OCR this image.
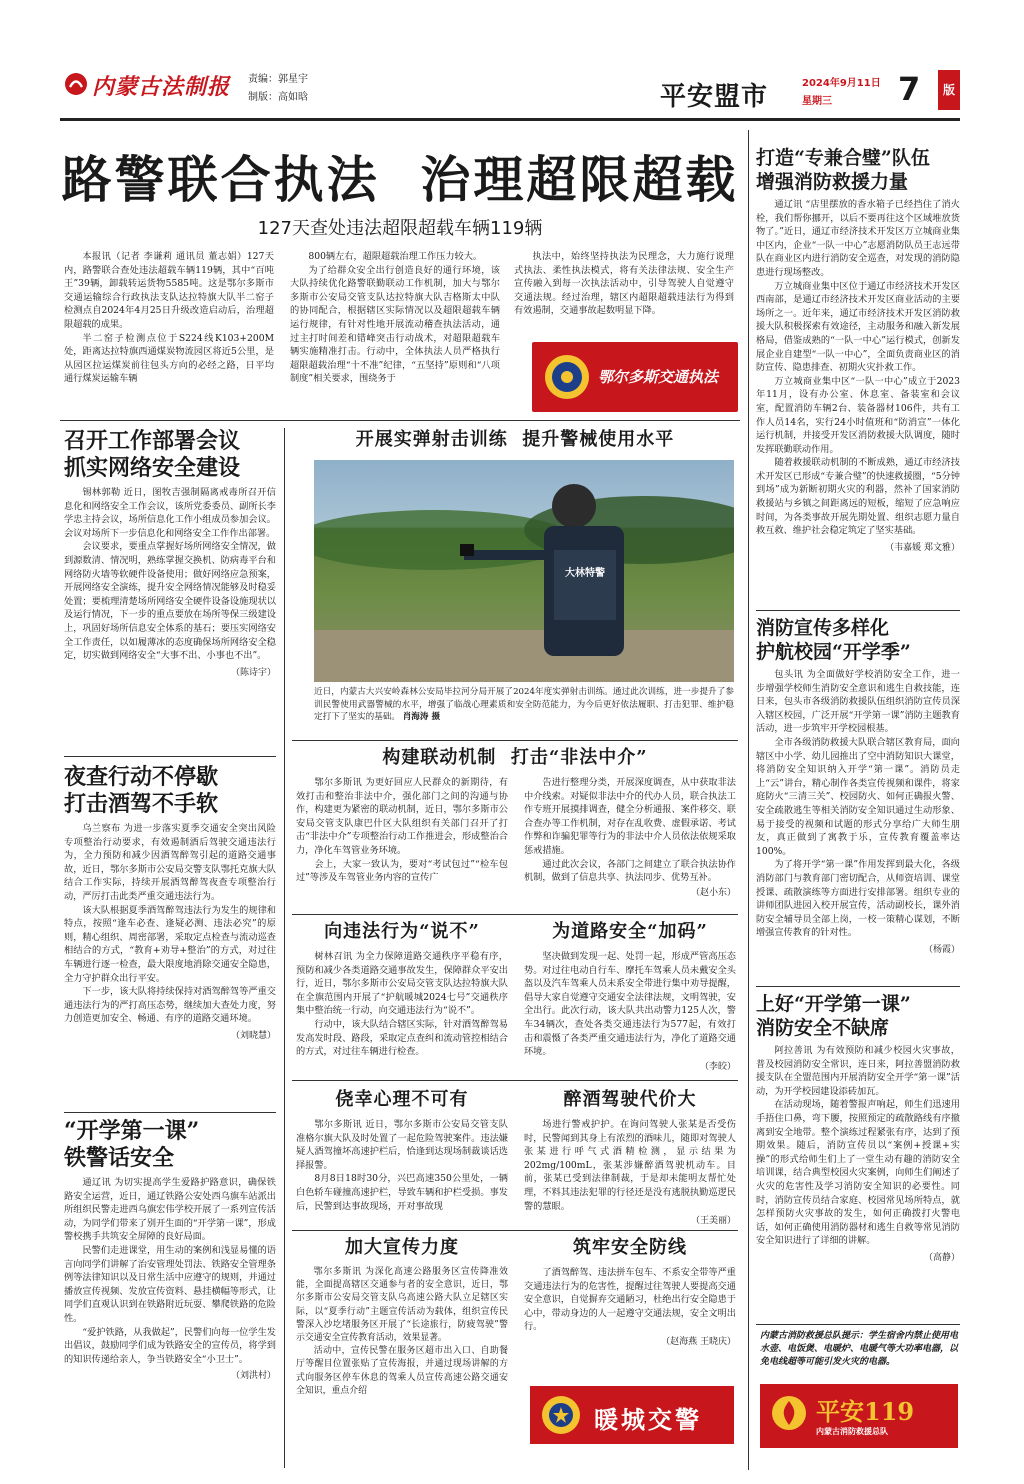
内蒙古法制报 责编：郭星宇
制版：高如晗	平安盟市	2024年9月11日
星期三 7	版
路警联合执法  治理超限超载
127天查处违法超限超载车辆119辆

本报讯（记者 李谦莉 通讯员 董志娟）127天内，路警联合查处违法超载车辆119辆，其中“百吨王”39辆，卸载转运货物5585吨。这是鄂尔多斯市交通运输综合行政执法支队达拉特旗大队半二窑子检测点自2024年4月25日升级改造启动后，治理超限超载的成果。

半二窑子检测点位于S224线K103+200M处，距离达拉特旗西通煤炭物流园区将近5公里，是从园区拉运煤炭前往包头方向的必经之路，日平均通行煤炭运输车辆

800辆左右，超限超载治理工作压力较大。

为了给群众安全出行创造良好的通行环境，该大队持续优化路警联勤联动工作机制，加大与鄂尔多斯市公安局交管支队达拉特旗大队吉格斯太中队的协同配合，根据辖区实际情况以及超限超载车辆运行规律，有针对性地开展流动稽查执法活动，通过主打时间差和错峰突击行动战术，对超限超载车辆实施精准打击。行动中，全体执法人员严格执行超限超载治理“十不准”纪律，“五坚持”原则和“八项制度”相关要求，围绕务于

执法中，始终坚持执法为民理念，大力施行说理式执法、柔性执法模式，将有关法律法规、安全生产宣传融入到每一次执法活动中，引导驾驶人自觉遵守交通法规。经过治理，辖区内超限超载违法行为得到有效遏制，交通事故起数明显下降。

鄂尔多斯交通执法
召开工作部署会议
抓实网络安全建设

锡林郭勒 近日，图牧吉强制隔离戒毒所召开信息化和网络安全工作会议，该所党委委员、副所长李学忠主持会议，场所信息化工作小组成员参加会议。会议对场所下一步信息化和网络安全工作作出部署。

会议要求，要重点掌握好场所网络安全情况，做到源数清、情况明，熟练掌握交换机、防病毒平台和网络防火墙等软硬件设备使用；做好网络应急预案，开展网络安全演练，提升安全网络情况能够及时稳妥处置；要梳理清楚场所网络安全硬件设备设施现状以及运行情况，下一步的重点要放在场所等保三级建设上，巩固好场所信息安全体系的基石；要压实网络安全工作责任，以如履薄冰的态度确保场所网络安全稳定，切实做到网络安全“大事不出、小事也不出”。

（陈诗宇）
夜查行动不停歇
打击酒驾不手软

乌兰察布 为进一步落实夏季交通安全突出风险专项整治行动要求，有效遏制酒后驾驶交通违法行为，全力预防和减少因酒驾醉驾引起的道路交通事故，近日，鄂尔多斯市公安局交警支队鄂托克旗大队结合工作实际，持续开展酒驾醉驾夜查专项整治行动，严厉打击此类严重交通违法行为。

该大队根据夏季酒驾醉驾违法行为发生的规律和特点，按照“逢车必查、逢疑必测、违法必究”的原则，精心组织、周密部署，采取定点检查与流动巡查相结合的方式，“教育+劝导+整治”的方式，对过往车辆进行逐一检查，最大限度地消除交通安全隐患，全力守护群众出行平安。

下一步，该大队将持续保持对酒驾醉驾等严重交通违法行为的严打高压态势，继续加大查处力度，努力创造更加安全、畅通、有序的道路交通环境。

（刘晓慧）
“开学第一课”
铁警话安全

通辽讯 为切实提高学生爱路护路意识，确保铁路安全运营，近日，通辽铁路公安处西乌旗车站派出所组织民警走进西乌旗宏伟学校开展了一系列宣传活动，为同学们带来了别开生面的“开学第一课”，形成警校携手共筑安全屏障的良好局面。

民警们走进课堂，用生动的案例和浅显易懂的语言向同学们讲解了治安管理处罚法、铁路安全管理条例等法律知识以及日常生活中应遵守的规则，并通过播放宣传视频、发放宣传资料、悬挂横幅等形式，让同学们直观认识到在铁路附近玩耍、攀爬铁路的危险性。

“爱护铁路，从我做起”，民警们向每一位学生发出倡议，鼓励同学们成为铁路安全的宣传员，将学到的知识传递给亲人，争当铁路安全“小卫士”。

（刘洪村）
开展实弹射击训练  提升警械使用水平
大林特警
近日，内蒙古大兴安岭森林公安局毕拉河分局开展了2024年度实弹射击训练。通过此次训练，进一步提升了参训民警使用武器警械的水平，增强了临战心理素质和安全防范能力，为今后更好依法履职、打击犯罪、维护稳定打下了坚实的基础。 肖海涛 摄
构建联动机制  打击“非法中介”

鄂尔多斯讯 为更好回应人民群众的新期待，有效打击和整治非法中介，强化部门之间的沟通与协作，构建更为紧密的联动机制，近日，鄂尔多斯市公安局交管支队康巴什区大队组织有关部门召开了打击“非法中介”专项整治行动工作推进会，形成整治合力，净化车驾管业务环境。

会上，大家一致认为，要对“考试包过”“检车包过”等涉及车驾管业务内容的宣传广

告进行整理分类，开展深度调查，从中获取非法中介线索。对疑似非法中介的代办人员，联合执法工作专班开展摸排调查，健全分析通报、案件移交、联合查办等工作机制，对存在乱收费、虚假承诺、考试作弊和诈骗犯罪等行为的非法中介人员依法依规采取惩戒措施。

通过此次会议，各部门之间建立了联合执法协作机制，做到了信息共享、执法同步、优势互补。

（赵小东）
向违法行为“说不”

树林召讯 为全力保障道路交通秩序平稳有序，预防和减少各类道路交通事故发生，保障群众平安出行，近日，鄂尔多斯市公安局交管支队达拉特旗大队在全旗范围内开展了“护航暖城2024七号”交通秩序集中整治统一行动，向交通违法行为“说不”。

行动中，该大队结合辖区实际，针对酒驾醉驾易发高发时段、路段，采取定点查纠和流动管控相结合的方式，对过往车辆进行检查。

为道路安全“加码”

坚决做到发现一起、处罚一起，形成严管高压态势。对过往电动自行车、摩托车驾乘人员未戴安全头盔以及汽车驾乘人员未系安全带进行集中劝导提醒，倡导大家自觉遵守交通安全法律法规，文明驾驶，安全出行。此次行动，该大队共出动警力125人次，警车34辆次，查处各类交通违法行为577起，有效打击和震慑了各类严重交通违法行为，净化了道路交通环境。

（李皎）
侥幸心理不可有

鄂尔多斯讯 近日，鄂尔多斯市公安局交管支队准格尔旗大队及时处置了一起危险驾驶案件。违法嫌疑人酒驾撞坏高速护栏后，恰逢到达现场制裁谈话选择报警。

8月8日18时30分，兴巴高速350公里处，一辆白色轿车碰撞高速护栏，导致车辆和护栏受损。事发后，民警到达事故现场，开对事故现

醉酒驾驶代价大

场进行警戒护护。在询问驾驶人张某是否受伤时，民警闻到其身上有浓烈的酒味儿，随即对驾驶人张某进行呼气式酒精检测，显示结果为202mg/100mL，张某涉嫌醉酒驾驶机动车。目前，张某已受到法律制裁，于是却未能明友帮忙处理，不料其违法犯罪的行径还是没有逃脱执勤巡逻民警的慧眼。

（王美丽）
加大宣传力度

鄂尔多斯讯 为深化高速公路服务区宣传降准效能，全面提高辖区交通参与者的安全意识，近日，鄂尔多斯市公安局交管支队乌高速公路大队立足辖区实际，以“夏季行动”主题宣传活动为载体，组织宣传民警深入沙圪堵服务区开展了“长途旅行，防疲驾驶”警示交通安全宣传教育活动，效果显著。

活动中，宣传民警在服务区超市出入口、自助餐厅等醒目位置张贴了宣传海报，并通过现场讲解的方式向服务区停车休息的驾乘人员宣传高速公路交通安全知识，重点介绍

筑牢安全防线

了酒驾醉驾、违法拼车包车、不系安全带等严重交通违法行为的危害性，提醒过往驾驶人要提高交通安全意识，自觉摒弃交通陋习，杜绝出行安全隐患于心中，带动身边的人一起遵守交通法规，安全文明出行。

（赵海燕 王晓庆）
暖城交警
打造“专兼合璧”队伍
增强消防救援力量

通辽讯 “店里摆放的香水箱子已经挡住了消火栓，我们帮你挪开，以后不要再往这个区域堆放货物了。”近日，通辽市经济技术开发区万立城商业集中区内，企业“一队一中心”志愿消防队员王志远带队在商业区内进行消防安全巡查，对发现的消防隐患进行现场整改。

万立城商业集中区位于通辽市经济技术开发区西南部，是通辽市经济技术开发区商业活动的主要场所之一。近年来，通辽市经济技术开发区消防救援大队积极探索有效途径，主动服务和融入新发展格局，借鉴成熟的“一队一中心”运行模式，创新发展企业自建型“一队一中心”，全面负责商业区的消防宣传、隐患排查、初期火灾扑救工作。

万立城商业集中区“一队一中心”成立于2023年11月，设有办公室、休息室、备装室和会议室，配置消防车辆2台、装备器材106件，共有工作人员14名，实行24小时值班和“防消宣”一体化运行机制，并接受开发区消防救援大队调度，随时发挥联勤联动作用。

随着救援联动机制的不断成熟，通辽市经济技术开发区已形成“专兼合璧”的快速救援圈，“5分钟到场”成为新断初期火灾的利器，然补了国家消防救援站与乡镇之间距离远的短板，缩短了应急响应时间，为各类事故开展先期处置、组织志愿力量自救互救、维护社会稳定筑定了坚实基础。

（韦嘉媛 郑文雅）
消防宣传多样化
护航校园“开学季”

包头讯 为全面做好学校消防安全工作，进一步增强学校师生消防安全意识和逃生自救技能，连日来，包头市各级消防救援队伍组织消防宣传员深入辖区校园，广泛开展“开学第一课”消防主题教育活动，进一步筑牢开学校园根基。

全市各级消防救援大队联合辖区教育局，面向辖区中小学、幼儿园推出了空中消防知识大课堂，将消防安全知识纳入开学“第一课”。消防员走上“云”讲台，精心制作各类宣传视频和课件，将家庭防火“三清三关”、校园防火、如何正确报火警、安全疏散逃生等相关消防安全知识通过生动形象、易于接受的视频和试题的形式分享给广大师生朋友，真正做到了寓教于乐，宣传教育覆盖率达100%。

为了将开学“第一课”作用发挥到最大化，各级消防部门与教育部门密切配合，从师资培训、课堂授课、疏散演练等方面进行安排部署。组织专业的讲师团队进园入校开展宣传，活动副校长，课外消防安全辅导员全部上岗，一校一策精心谋划，不断增强宣传教育的针对性。

（杨霞）
上好“开学第一课”
消防安全不缺席

阿拉善讯 为有效预防和减少校园火灾事故，普及校园消防安全常识，连日来，阿拉善盟消防救援支队在全盟范围内开展消防安全开学“第一课”活动，为开学校园建设添砖加瓦。

在活动现场，随着警报声响起，师生们迅速用手捂住口鼻，弯下腰，按照预定的疏散路线有序撤离到安全地带。整个演练过程紧张有序，达到了预期效果。随后，消防宣传员以“案例+授课+实操”的形式给师生们上了一堂生动有趣的消防安全培训课，结合典型校园火灾案例，向师生们阐述了火灾的危害性及学习消防安全知识的必要性。同时，消防宣传员结合家庭、校园常见场所特点，就怎样预防火灾事故的发生，如何正确拨打火警电话，如何正确使用消防器材和逃生自救等常见消防安全知识进行了详细的讲解。

（高静）
内蒙古消防救援总队提示：学生宿舍内禁止使用电水壶、电饭煲、电暖炉、电暖气等大功率电器，以免电线超等可能引发火灾的电器。
平安119
内蒙古消防救援总队
